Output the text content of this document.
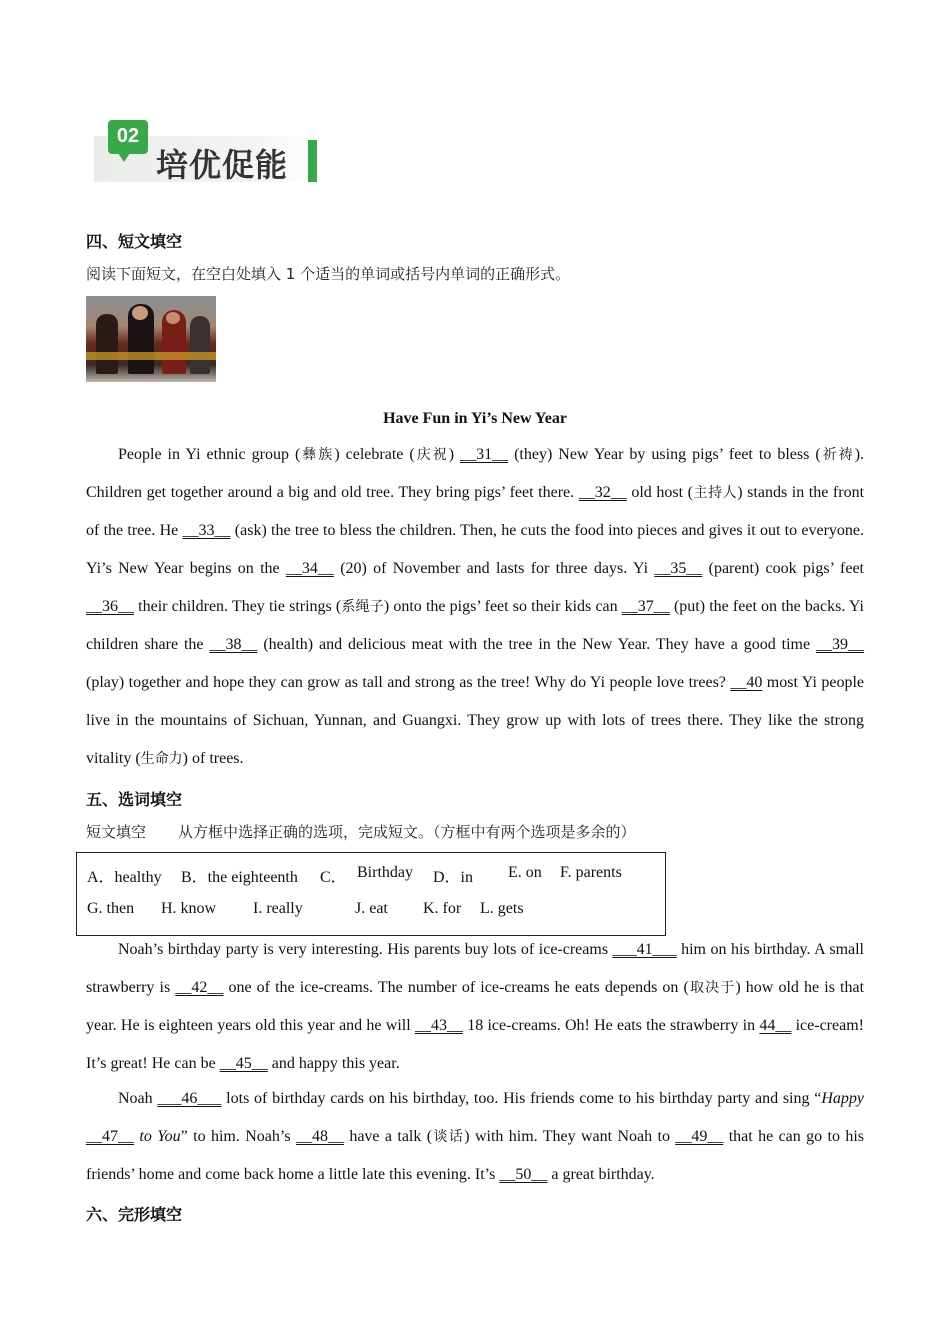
02
培优促能
四、短文填空
阅读下面短文，在空白处填入 1 个适当的单词或括号内单词的正确形式。
Have Fun in Yi’s New Year

People in Yi ethnic group (彝族) celebrate (庆祝) __31__ (they) New Year by using pigs’ feet to bless (祈祷). Children get together around a big and old tree. They bring pigs’ feet there. __32__ old host (主持人) stands in the front of the tree. He __33__ (ask) the tree to bless the children. Then, he cuts the food into pieces and gives it out to everyone. Yi’s New Year begins on the __34__ (20) of November and lasts for three days. Yi __35__ (parent) cook pigs’ feet __36__ their children. They tie strings (系绳子) onto the pigs’ feet so their kids can __37__ (put) the feet on the backs. Yi children share the __38__ (health) and delicious meat with the tree in the New Year. They have a good time __39__ (play) together and hope they can grow as tall and strong as the tree! Why do Yi people love trees? __40 most Yi people live in the mountains of Sichuan, Yunnan, and Guangxi. They grow up with lots of trees there. They like the strong vitality (生命力) of trees.

五、选词填空
短文填空 从方框中选择正确的选项，完成短文。（方框中有两个选项是多余的）
A．healthy B．the eighteenth C． Birthday D．in E. on F. parents
G. then H. know I. really	J. eat K. for L. gets

Noah’s birthday party is very interesting. His parents buy lots of ice-creams ___41___ him on his birthday. A small strawberry is __42__ one of the ice-creams. The number of ice-creams he eats depends on (取决于) how old he is that year. He is eighteen years old this year and he will __43__ 18 ice-creams. Oh! He eats the strawberry in 44__ ice-cream! It’s great! He can be __45__ and happy this year.

Noah ___46___ lots of birthday cards on his birthday, too. His friends come to his birthday party and sing “Happy __47__ to You” to him. Noah’s __48__ have a talk (谈话) with him. They want Noah to __49__ that he can go to his friends’ home and come back home a little late this evening. It’s __50__ a great birthday.

六、完形填空
